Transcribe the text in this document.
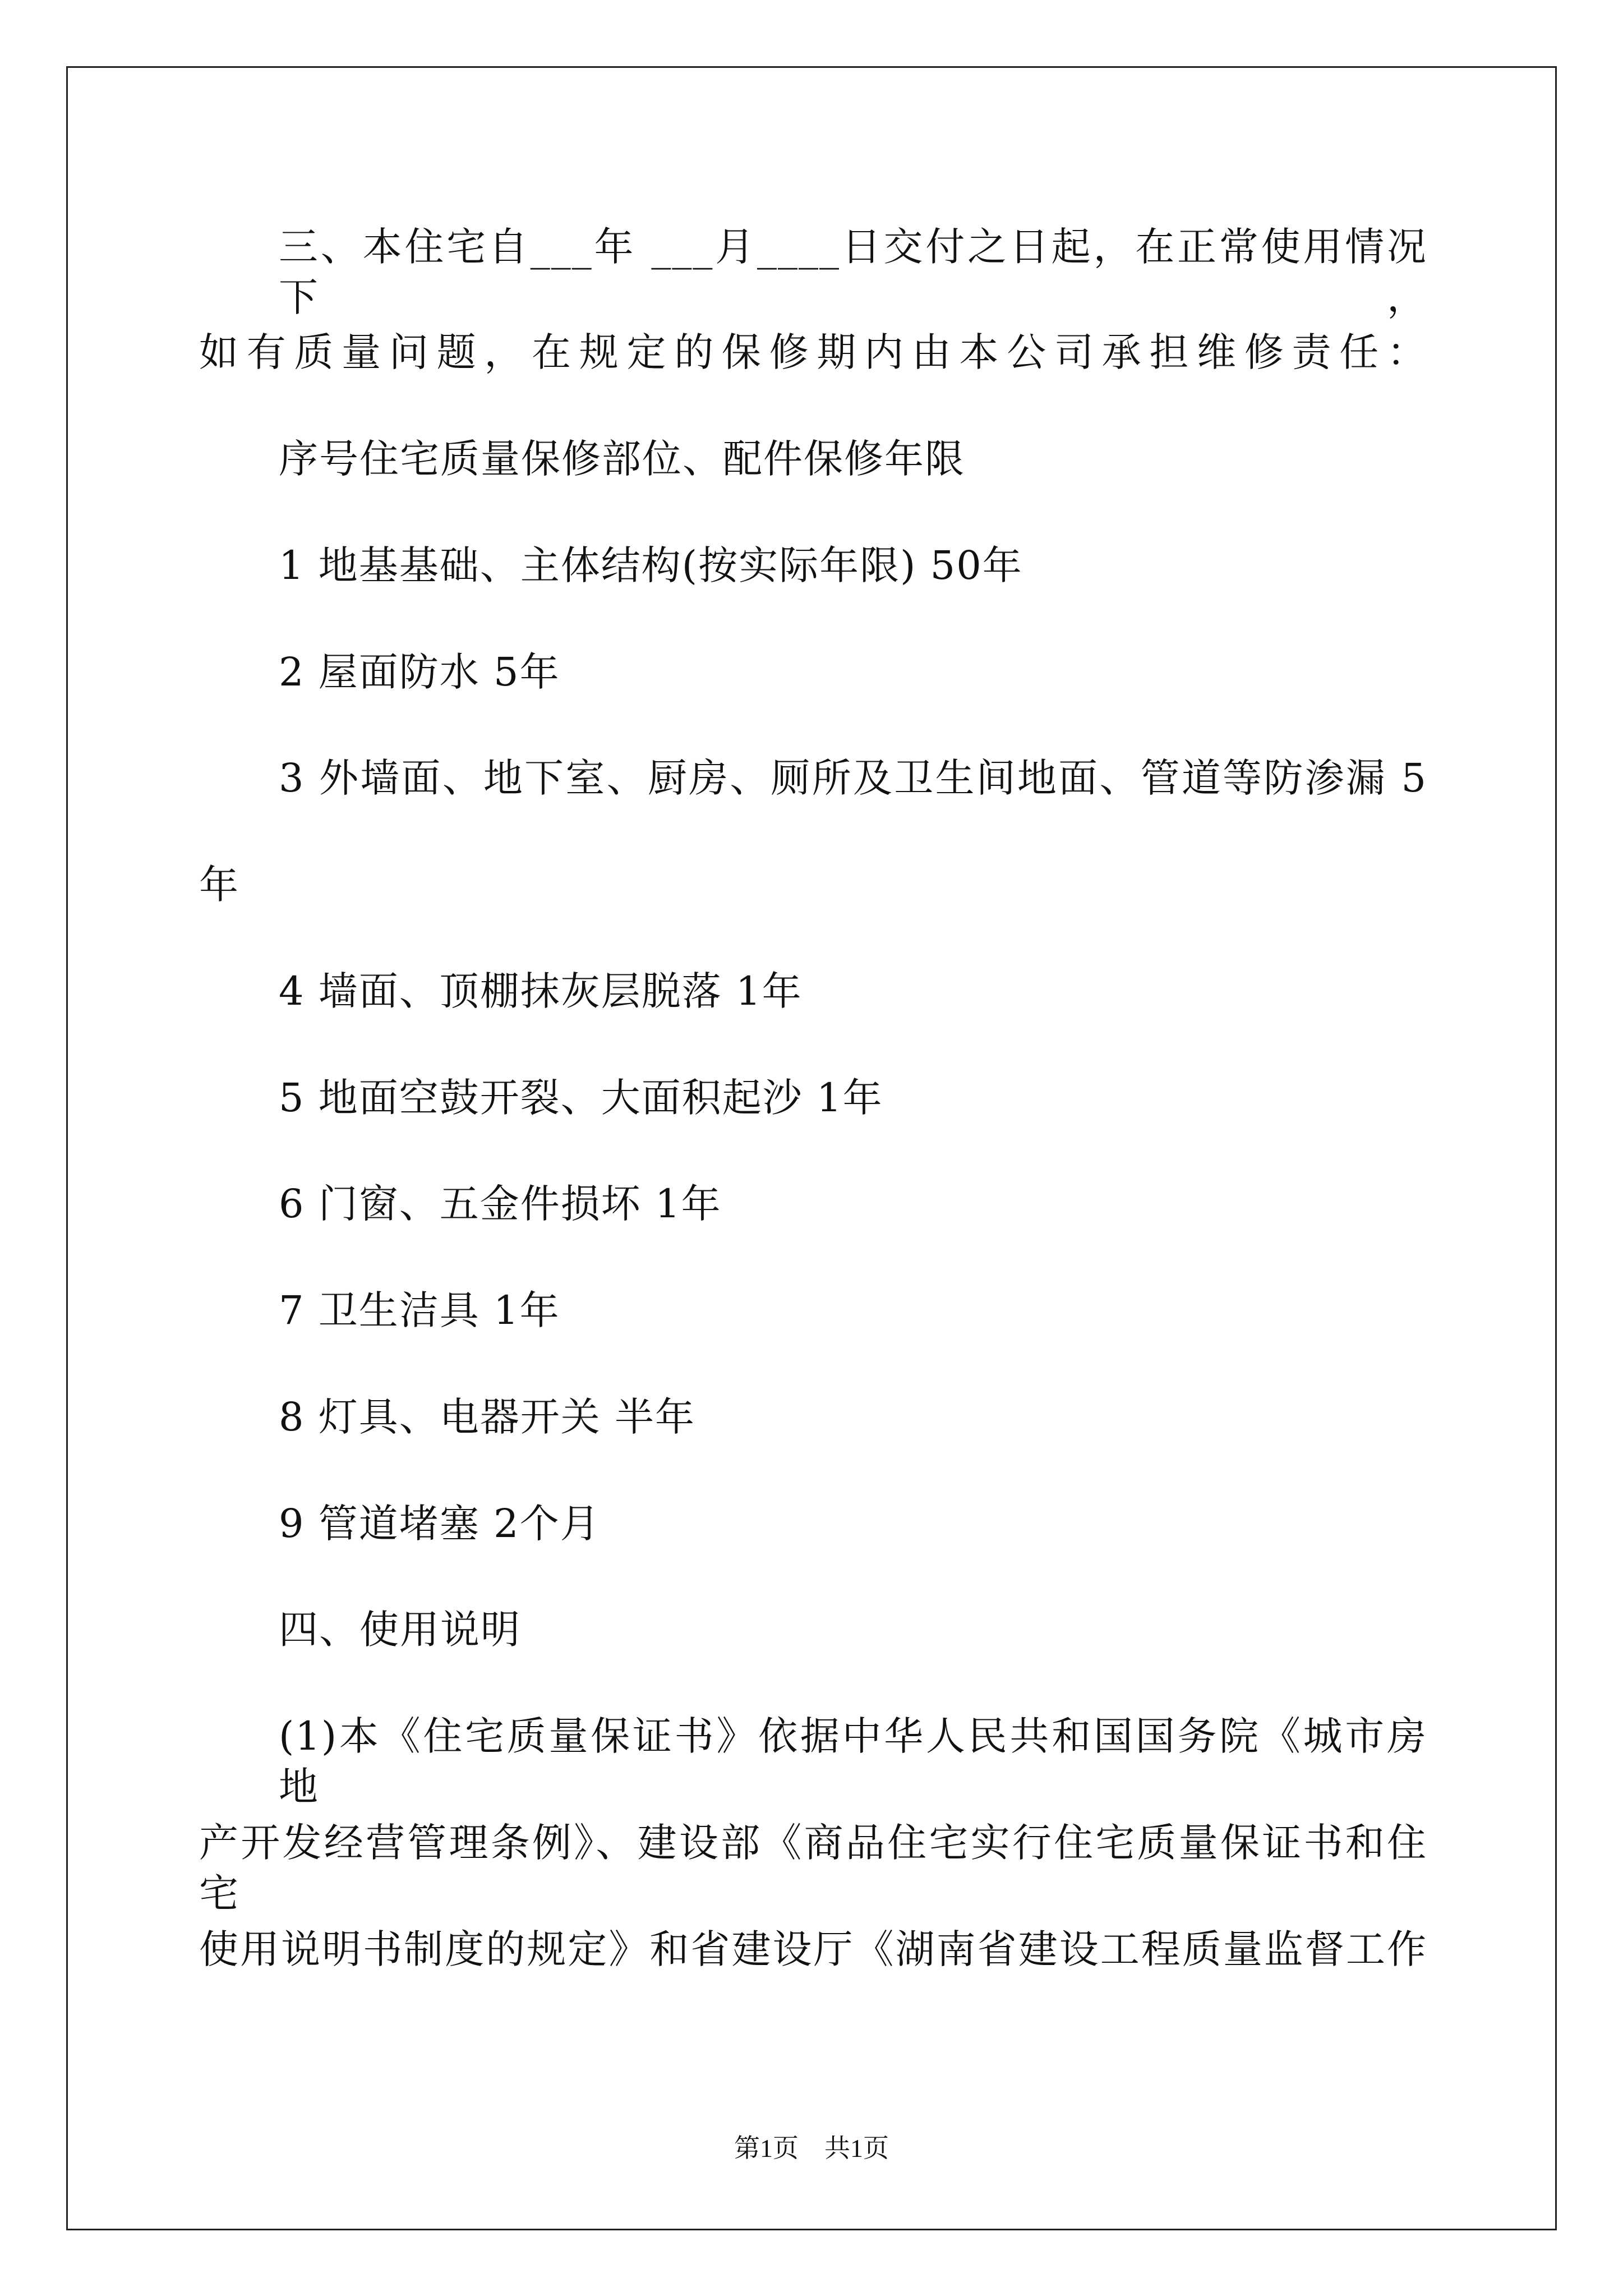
三、本住宅自___年 ___月____日交付之日起，在正常使用情况下，
如有质量问题，在规定的保修期内由本公司承担维修责任：
序号住宅质量保修部位、配件保修年限
1 地基基础、主体结构(按实际年限) 50年
2 屋面防水 5年
3 外墙面、地下室、厨房、厕所及卫生间地面、管道等防渗漏 5
年
4 墙面、顶棚抹灰层脱落 1年
5 地面空鼓开裂、大面积起沙 1年
6 门窗、五金件损坏 1年
7 卫生洁具 1年
8 灯具、电器开关 半年
9 管道堵塞 2个月
四、使用说明
(1)本《住宅质量保证书》依据中华人民共和国国务院《城市房地
产开发经营管理条例》、建设部《商品住宅实行住宅质量保证书和住宅
使用说明书制度的规定》和省建设厅《湖南省建设工程质量监督工作
第1页　共1页
